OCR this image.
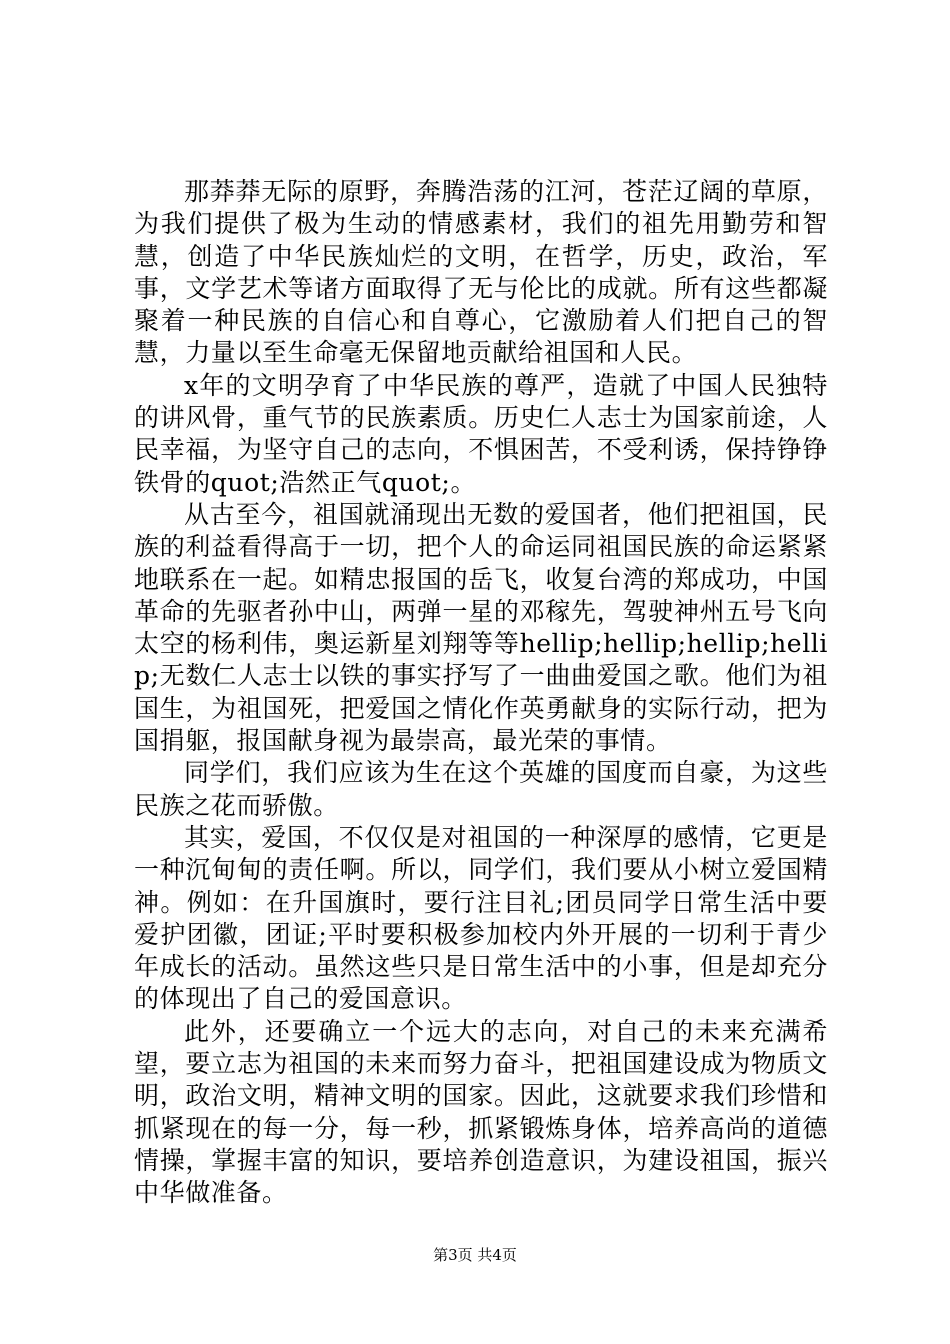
那莽莽无际的原野，奔腾浩荡的江河，苍茫辽阔的草原，为我们提供了极为生动的情感素材，我们的祖先用勤劳和智慧，创造了中华民族灿烂的文明，在哲学，历史，政治，军事，文学艺术等诸方面取得了无与伦比的成就。所有这些都凝聚着一种民族的自信心和自尊心，它激励着人们把自己的智慧，力量以至生命毫无保留地贡献给祖国和人民。

x年的文明孕育了中华民族的尊严，造就了中国人民独特的讲风骨，重气节的民族素质。历史仁人志士为国家前途，人民幸福，为坚守自己的志向，不惧困苦，不受利诱，保持铮铮铁骨的quot;浩然正气quot;。

从古至今，祖国就涌现出无数的爱国者，他们把祖国，民族的利益看得高于一切，把个人的命运同祖国民族的命运紧紧地联系在一起。如精忠报国的岳飞，收复台湾的郑成功，中国革命的先驱者孙中山，两弹一星的邓稼先，驾驶神州五号飞向太空的杨利伟，奥运新星刘翔等等hellip;hellip;hellip;hellip;无数仁人志士以铁的事实抒写了一曲曲爱国之歌。他们为祖国生，为祖国死，把爱国之情化作英勇献身的实际行动，把为国捐躯，报国献身视为最崇高，最光荣的事情。

同学们，我们应该为生在这个英雄的国度而自豪，为这些民族之花而骄傲。

其实，爱国，不仅仅是对祖国的一种深厚的感情，它更是一种沉甸甸的责任啊。所以，同学们，我们要从小树立爱国精神。例如：在升国旗时，要行注目礼;团员同学日常生活中要爱护团徽，团证;平时要积极参加校内外开展的一切利于青少年成长的活动。虽然这些只是日常生活中的小事，但是却充分的体现出了自己的爱国意识。

此外，还要确立一个远大的志向，对自己的未来充满希望，要立志为祖国的未来而努力奋斗，把祖国建设成为物质文明，政治文明，精神文明的国家。因此，这就要求我们珍惜和抓紧现在的每一分，每一秒，抓紧锻炼身体，培养高尚的道德情操，掌握丰富的知识，要培养创造意识，为建设祖国，振兴中华做准备。

第3页 共4页
